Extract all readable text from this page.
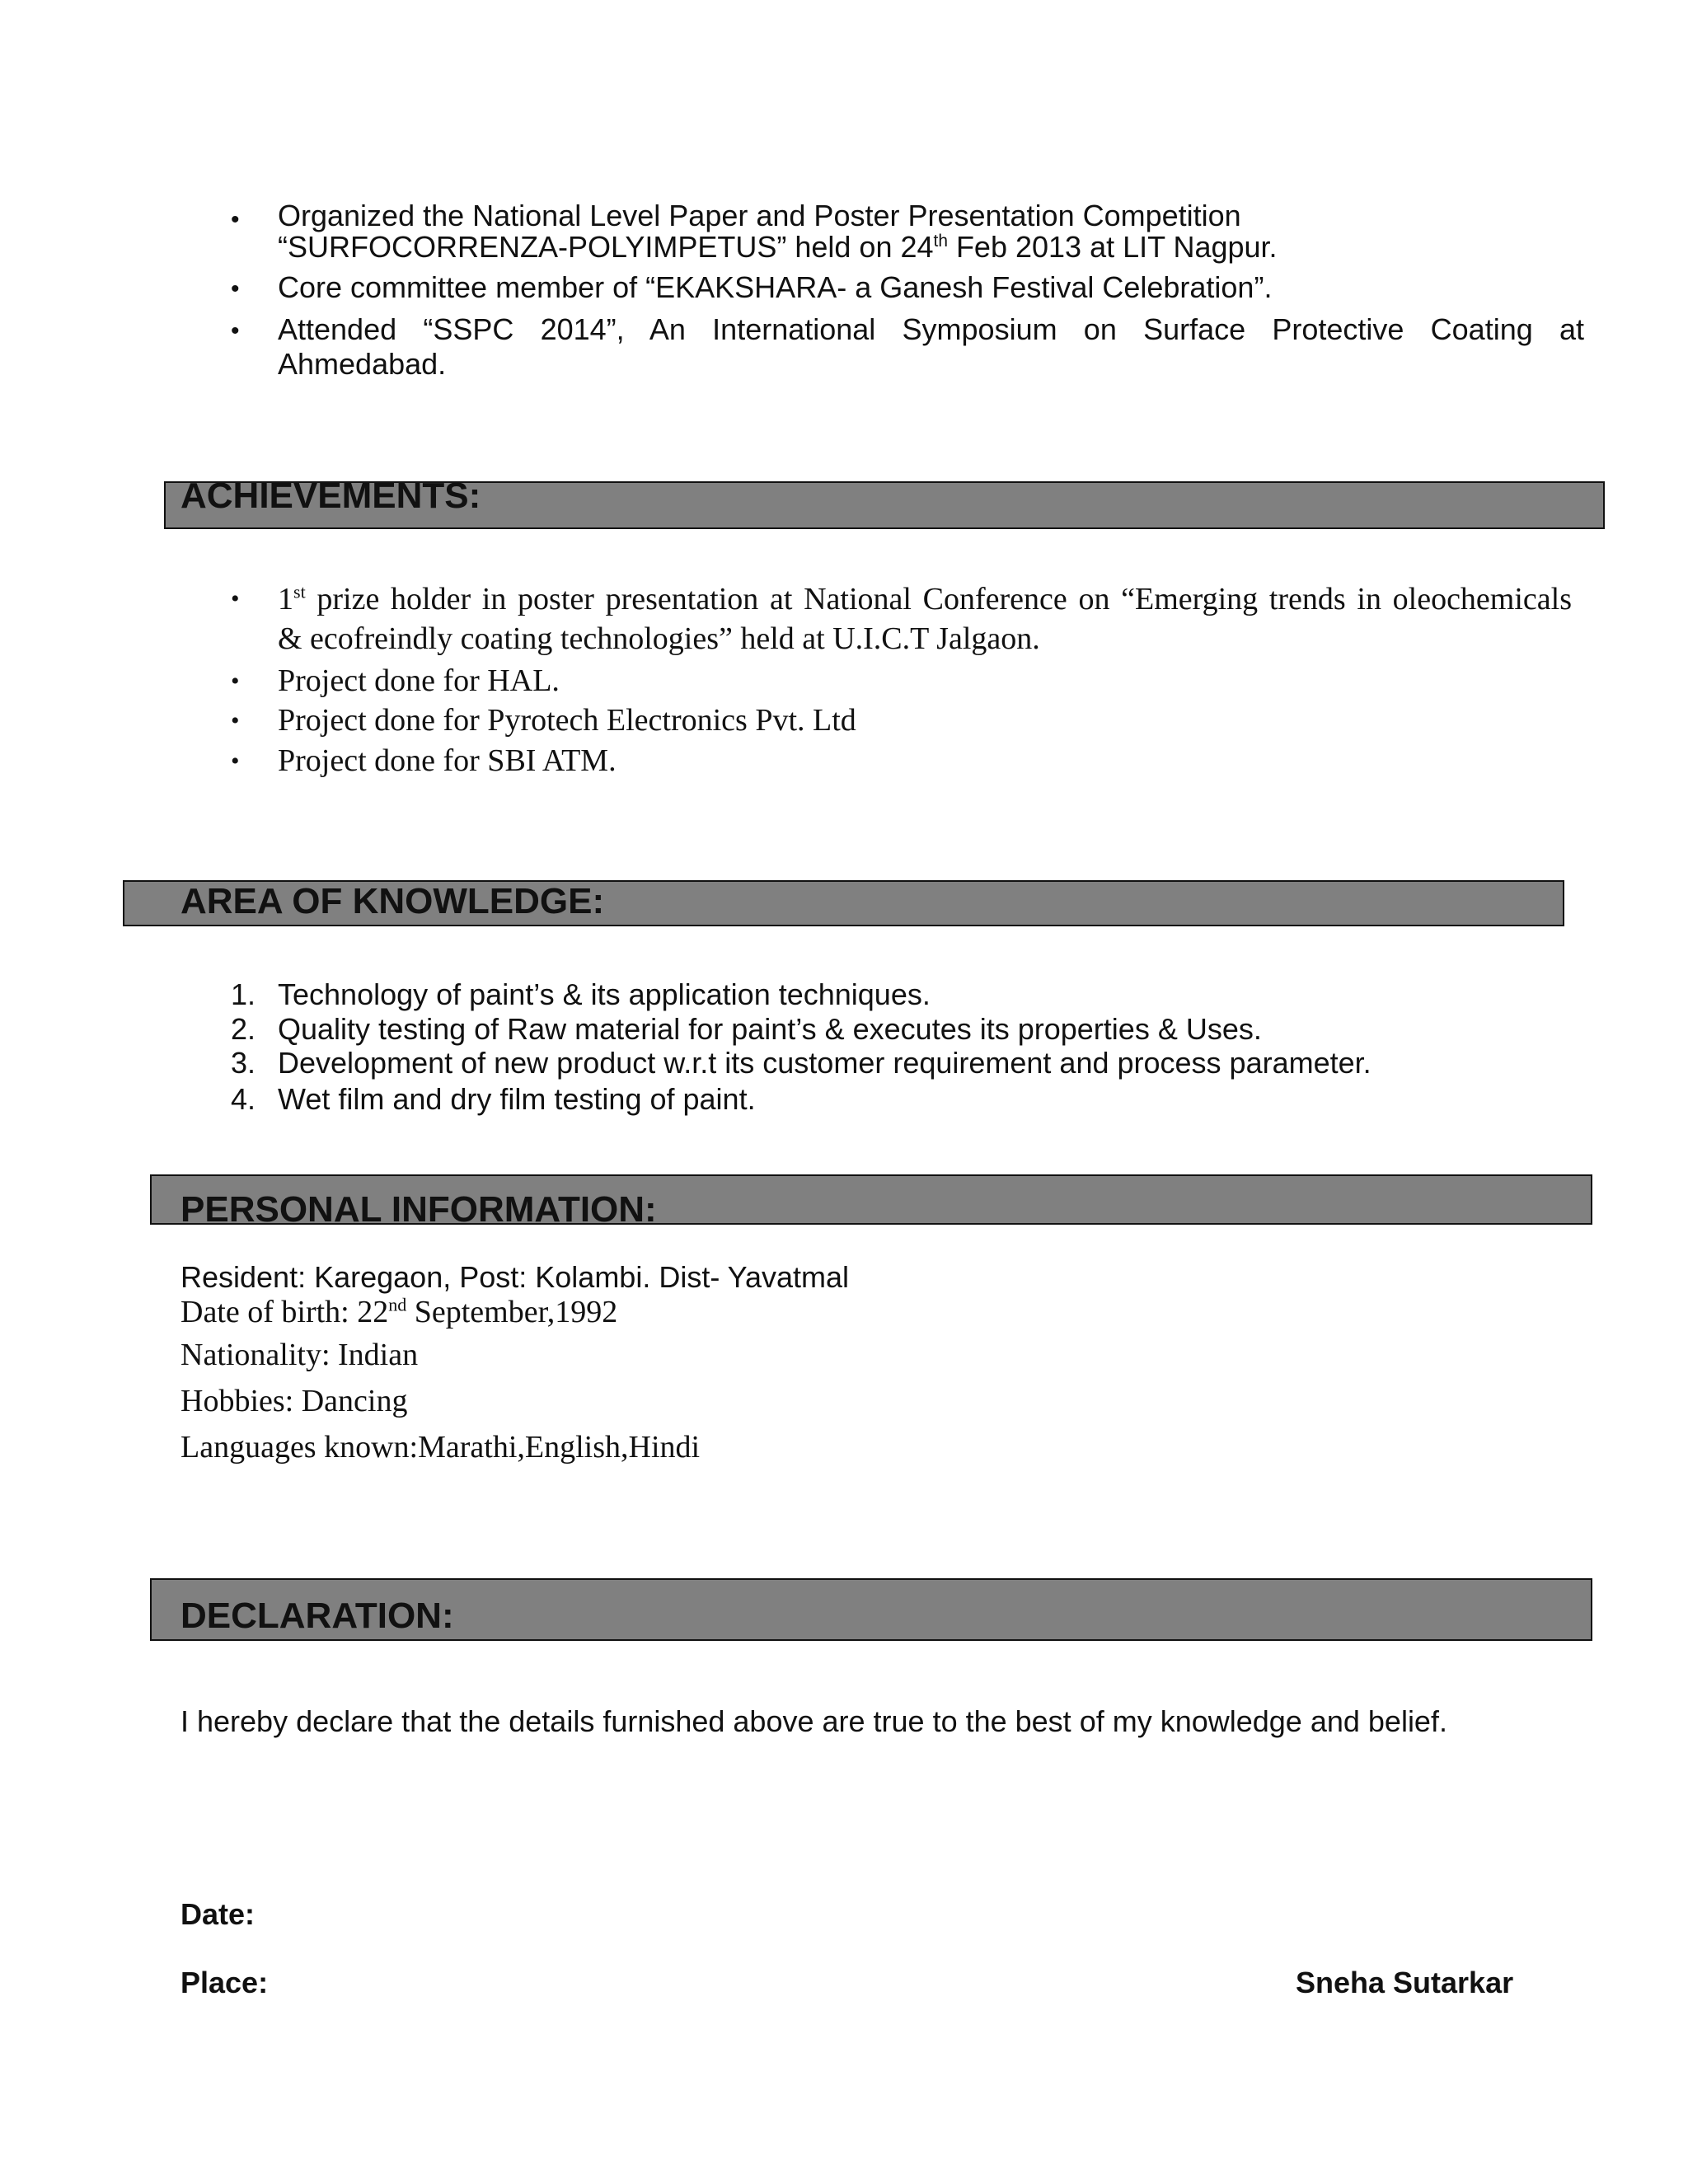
• Organized the National Level Paper and Poster Presentation Competition
“SURFOCORRENZA-POLYIMPETUS” held on 24th Feb 2013 at LIT Nagpur.
• Core committee member of “EKAKSHARA- a Ganesh Festival Celebration”.
• Attended “SSPC 2014”, An International Symposium on Surface Protective Coating at
Ahmedabad.
ACHIEVEMENTS:
• 1st prize holder in poster presentation at National Conference on “Emerging trends in oleochemicals
& ecofreindly coating technologies” held at U.I.C.T Jalgaon.
• Project done for HAL.
• Project done for Pyrotech Electronics Pvt. Ltd
• Project done for SBI ATM.
AREA OF KNOWLEDGE:
1. Technology of paint’s & its application techniques.
2. Quality testing of Raw material for paint’s & executes its properties & Uses.
3. Development of new product w.r.t its customer requirement and process parameter.
4. Wet film and dry film testing of paint.
PERSONAL INFORMATION:
Resident: Karegaon, Post: Kolambi. Dist- Yavatmal
Date of birth: 22nd September,1992
Nationality: Indian
Hobbies: Dancing
Languages known:Marathi,English,Hindi
DECLARATION:
I hereby declare that the details furnished above are true to the best of my knowledge and belief.
Date:
Place:	Sneha Sutarkar
